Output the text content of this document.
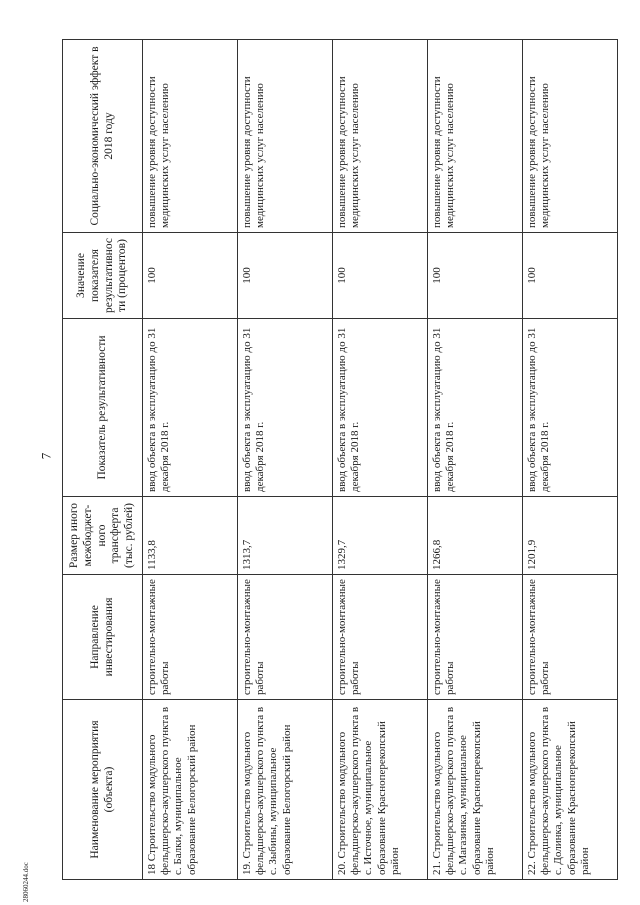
7
28060244.doc
Наименование мероприятия (объекта)	Направление инвестирования	Размер иного межбюджет-ного трансферта (тыс. рублей)	Показатель результативности	Значение показателя результативности (процентов)	Социально-экономический эффект в 2018 году
18 Строительство модульного фельдшерско-акушерского пункта в с. Балки, муниципальное образование Белогорский район	строительно-монтажные работы	1133,8	ввод объекта в эксплуатацию до 31 декабря 2018 г.	100	повышение уровня доступности медицинских услуг населению
19. Строительство модульного фельдшерско-акушерского пункта в с. Зыбины, муниципальное образование Белогорский район	строительно-монтажные работы	1313,7	ввод объекта в эксплуатацию до 31 декабря 2018 г.	100	повышение уровня доступности медицинских услуг населению
20. Строительство модульного фельдшерско-акушерского пункта в с. Источное, муниципальное образование Красноперекопский район	строительно-монтажные работы	1329,7	ввод объекта в эксплуатацию до 31 декабря 2018 г.	100	повышение уровня доступности медицинских услуг населению
21. Строительство модульного фельдшерско-акушерского пункта в с. Магазинка, муниципальное образование Красноперекопский район	строительно-монтажные работы	1266,8	ввод объекта в эксплуатацию до 31 декабря 2018 г.	100	повышение уровня доступности медицинских услуг населению
22. Строительство модульного фельдшерско-акушерского пункта в с. Долинка, муниципальное образование Красноперекопский район	строительно-монтажные работы	1201,9	ввод объекта в эксплуатацию до 31 декабря 2018 г.	100	повышение уровня доступности медицинских услуг населению
